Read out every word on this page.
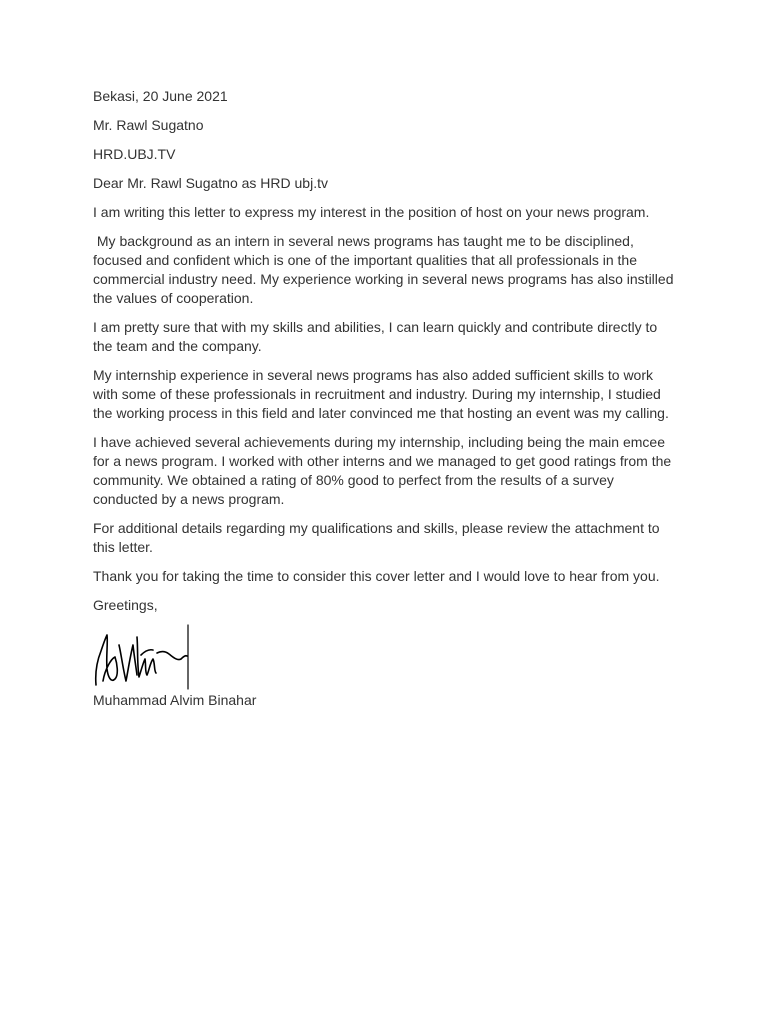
Bekasi, 20 June 2021

Mr. Rawl Sugatno

HRD.UBJ.TV

Dear Mr. Rawl Sugatno as HRD ubj.tv

I am writing this letter to express my interest in the position of host on your news program.

My background as an intern in several news programs has taught me to be disciplined, focused and confident which is one of the important qualities that all professionals in the commercial industry need. My experience working in several news programs has also instilled the values of cooperation.

I am pretty sure that with my skills and abilities, I can learn quickly and contribute directly to the team and the company.

My internship experience in several news programs has also added sufficient skills to work with some of these professionals in recruitment and industry. During my internship, I studied the working process in this field and later convinced me that hosting an event was my calling.

I have achieved several achievements during my internship, including being the main emcee for a news program. I worked with other interns and we managed to get good ratings from the community. We obtained a rating of 80% good to perfect from the results of a survey conducted by a news program.

For additional details regarding my qualifications and skills, please review the attachment to this letter.

Thank you for taking the time to consider this cover letter and I would love to hear from you.

Greetings,

Muhammad Alvim Binahar
